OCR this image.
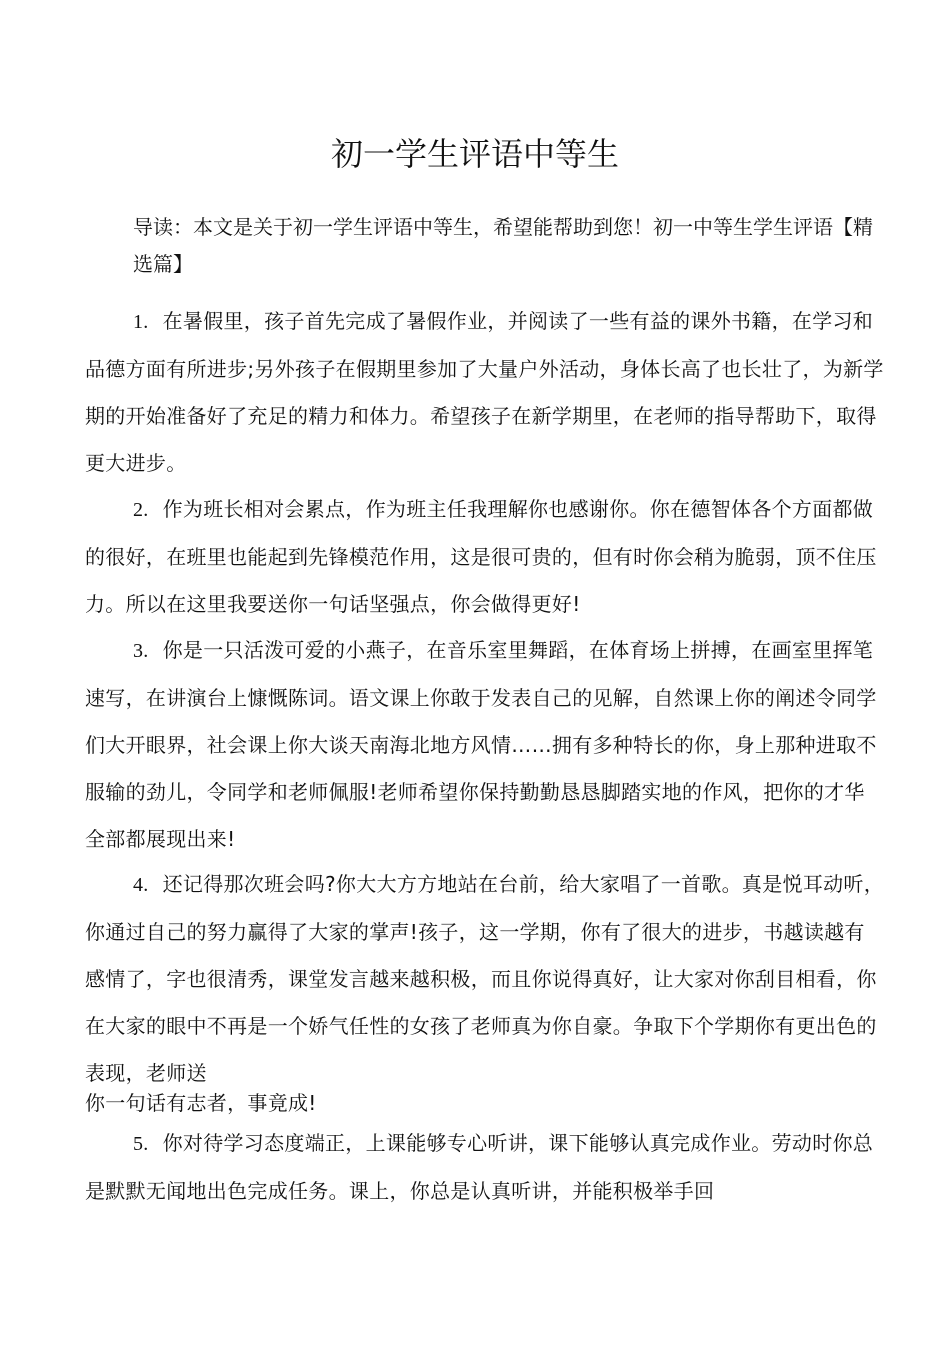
初一学生评语中等生

导读：本文是关于初一学生评语中等生，希望能帮助到您！初一中等生学生评语【精选篇】

1. 在暑假里，孩子首先完成了暑假作业，并阅读了一些有益的课外书籍，在学习和品德方面有所进步;另外孩子在假期里参加了大量户外活动，身体长高了也长壮了，为新学期的开始准备好了充足的精力和体力。希望孩子在新学期里，在老师的指导帮助下，取得更大进步。

2. 作为班长相对会累点，作为班主任我理解你也感谢你。你在德智体各个方面都做的很好，在班里也能起到先锋模范作用，这是很可贵的，但有时你会稍为脆弱，顶不住压力。所以在这里我要送你一句话坚强点，你会做得更好!

3. 你是一只活泼可爱的小燕子，在音乐室里舞蹈，在体育场上拼搏，在画室里挥笔速写，在讲演台上慷慨陈词。语文课上你敢于发表自己的见解，自然课上你的阐述令同学们大开眼界，社会课上你大谈天南海北地方风情……拥有多种特长的你，身上那种进取不服输的劲儿，令同学和老师佩服!老师希望你保持勤勤恳恳脚踏实地的作风，把你的才华全部都展现出来!

4. 还记得那次班会吗?你大大方方地站在台前，给大家唱了一首歌。真是悦耳动听，你通过自己的努力赢得了大家的掌声!孩子，这一学期，你有了很大的进步，书越读越有感情了，字也很清秀，课堂发言越来越积极，而且你说得真好，让大家对你刮目相看，你在大家的眼中不再是一个娇气任性的女孩了老师真为你自豪。争取下个学期你有更出色的表现，老师送

你一句话有志者，事竟成!

5. 你对待学习态度端正，上课能够专心听讲，课下能够认真完成作业。劳动时你总是默默无闻地出色完成任务。课上，你总是认真听讲，并能积极举手回
